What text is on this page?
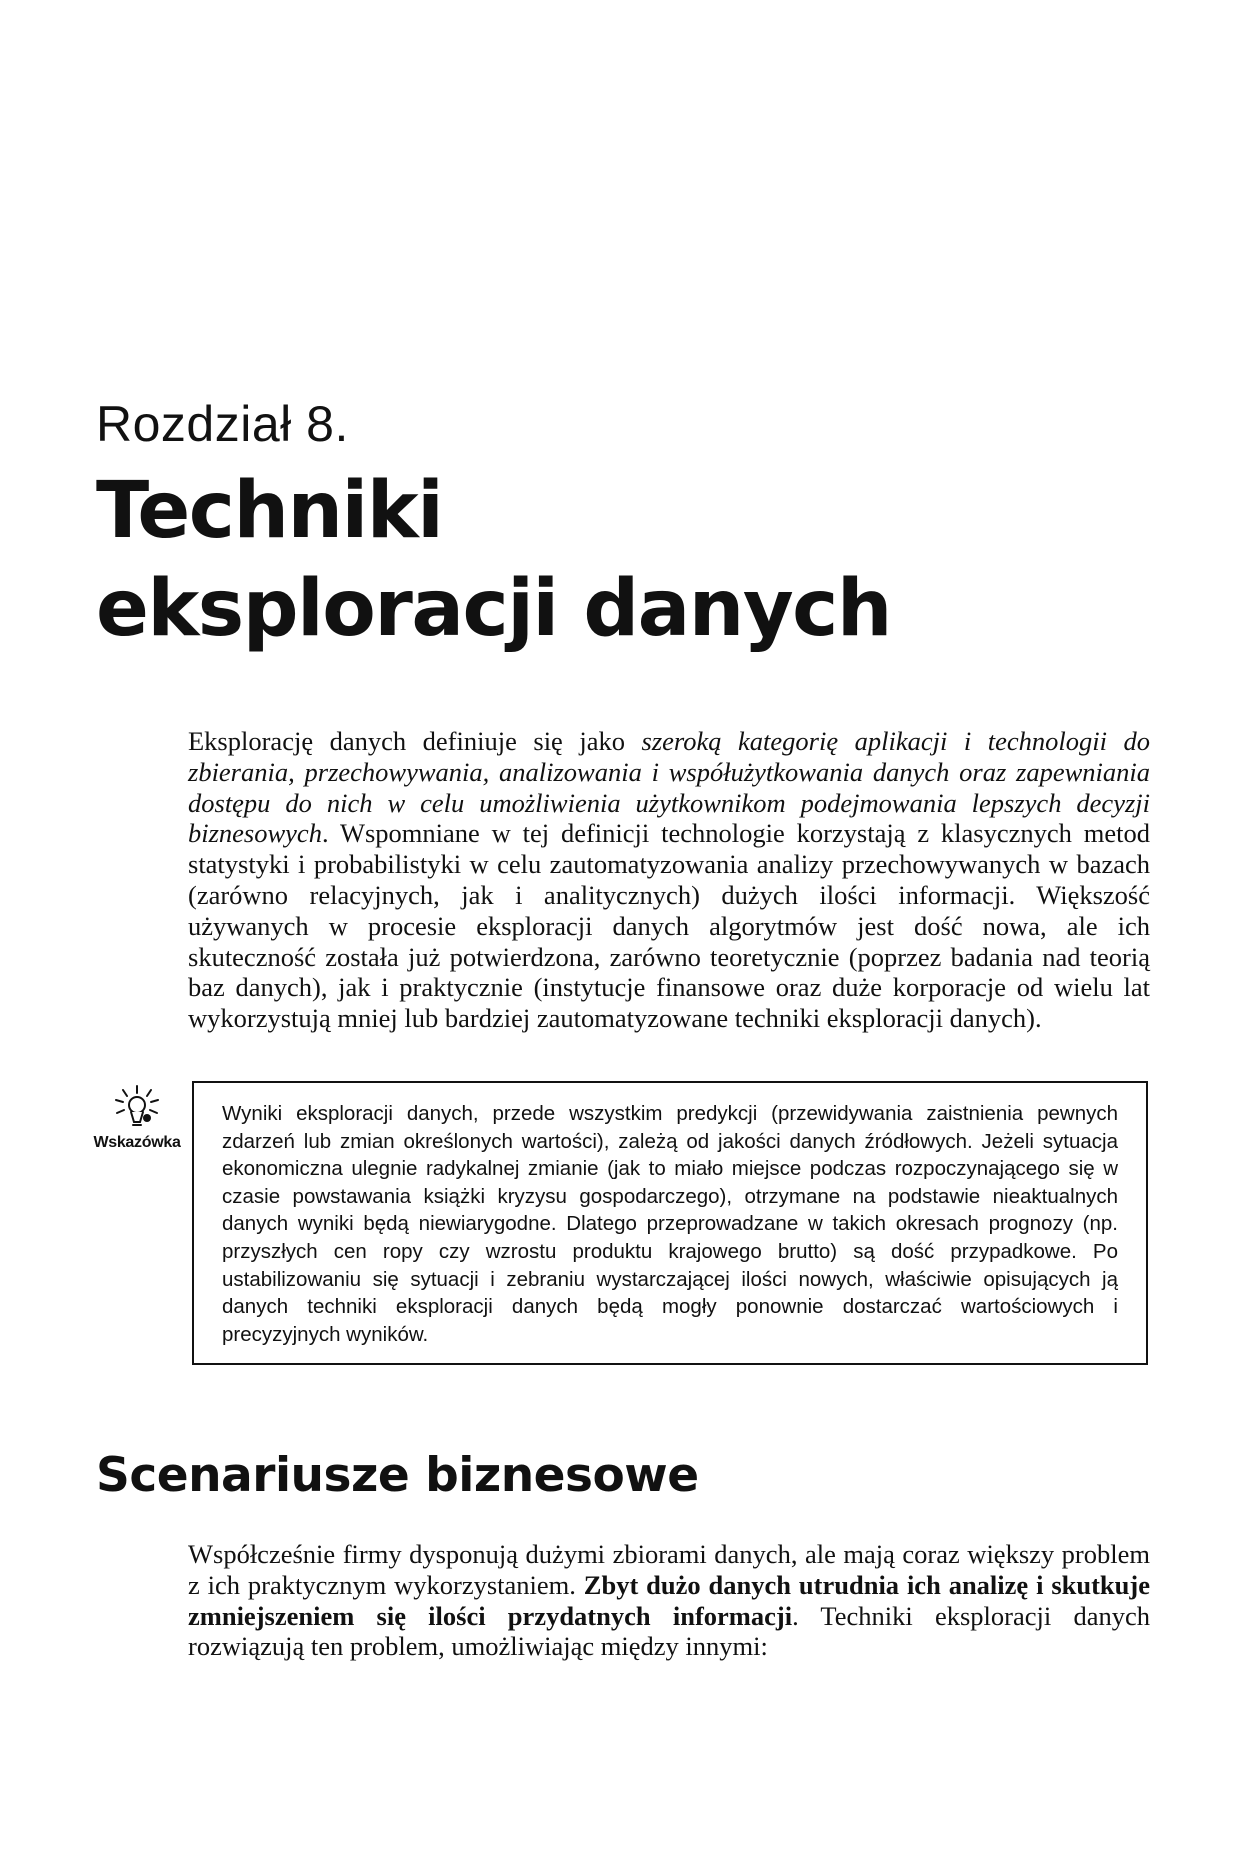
Rozdział 8.
Techniki
eksploracji danych

Eksplorację danych definiuje się jako szeroką kategorię aplikacji i technologii do zbierania, przechowywania, analizowania i współużytkowania danych oraz zapewniania dostępu do nich w celu umożliwienia użytkownikom podejmowania lepszych decyzji biznesowych. Wspomniane w tej definicji technologie korzystają z klasycznych metod statystyki i probabilistyki w celu zautomatyzowania analizy przechowywanych w bazach (zarówno relacyjnych, jak i analitycznych) dużych ilości informacji. Większość używanych w procesie eksploracji danych algorytmów jest dość nowa, ale ich skuteczność została już potwierdzona, zarówno teoretycznie (poprzez badania nad teorią baz danych), jak i praktycznie (instytucje finansowe oraz duże korporacje od wielu lat wykorzystują mniej lub bardziej zautomatyzowane techniki eksploracji danych).

Wskazówka

Wyniki eksploracji danych, przede wszystkim predykcji (przewidywania zaistnienia pewnych zdarzeń lub zmian określonych wartości), zależą od jakości danych źródłowych. Jeżeli sytuacja ekonomiczna ulegnie radykalnej zmianie (jak to miało miejsce podczas rozpoczynającego się w czasie powstawania książki kryzysu gospodarczego), otrzymane na podstawie nieaktualnych danych wyniki będą niewiarygodne. Dlatego przeprowadzane w takich okresach prognozy (np. przyszłych cen ropy czy wzrostu produktu krajowego brutto) są dość przypadkowe. Po ustabilizowaniu się sytuacji i zebraniu wystarczającej ilości nowych, właściwie opisujących ją danych techniki eksploracji danych będą mogły ponownie dostarczać wartościowych i precyzyjnych wyników.

Scenariusze biznesowe

Współcześnie firmy dysponują dużymi zbiorami danych, ale mają coraz większy problem z ich praktycznym wykorzystaniem. Zbyt dużo danych utrudnia ich analizę i skutkuje zmniejszeniem się ilości przydatnych informacji. Techniki eksploracji danych rozwiązują ten problem, umożliwiając między innymi:
